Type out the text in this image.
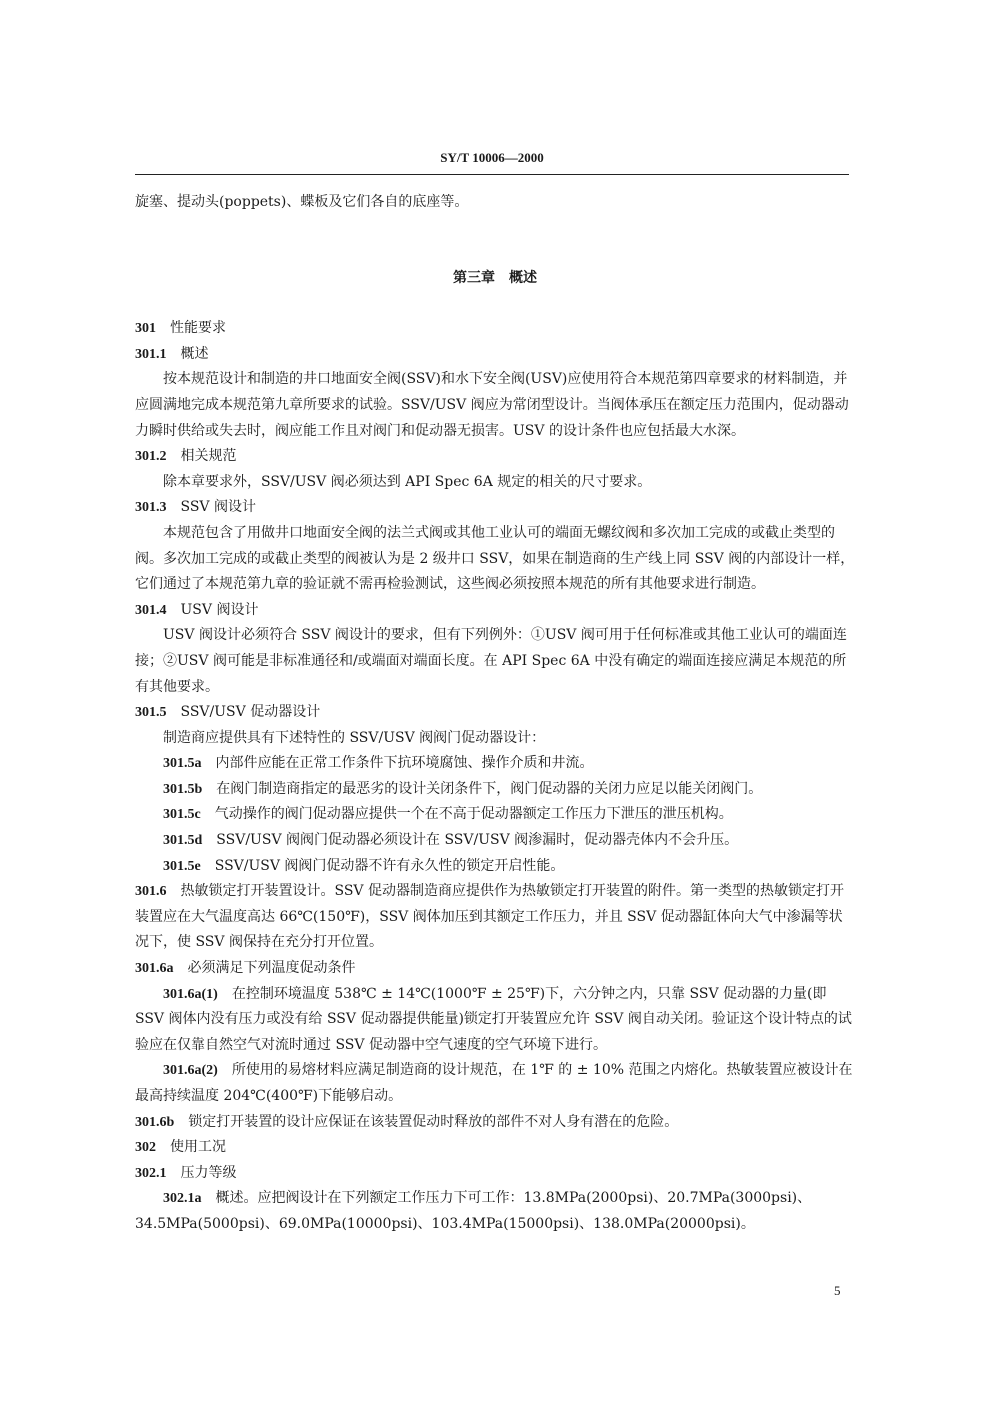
SY/T 10006—2000

旋塞、提动头(poppets)、蝶板及它们各自的底座等。

第三章　概述

301　 性能要求

301.1　 概述

按本规范设计和制造的井口地面安全阀(SSV)和水下安全阀(USV)应使用符合本规范第四章要求的材料制造，并应圆满地完成本规范第九章所要求的试验。SSV/USV 阀应为常闭型设计。当阀体承压在额定压力范围内，促动器动力瞬时供给或失去时，阀应能工作且对阀门和促动器无损害。USV 的设计条件也应包括最大水深。

301.2　 相关规范

除本章要求外，SSV/USV 阀必须达到 API Spec 6A 规定的相关的尺寸要求。

301.3　 SSV 阀设计

本规范包含了用做井口地面安全阀的法兰式阀或其他工业认可的端面无螺纹阀和多次加工完成的或截止类型的阀。多次加工完成的或截止类型的阀被认为是 2 级井口 SSV，如果在制造商的生产线上同 SSV 阀的内部设计一样，它们通过了本规范第九章的验证就不需再检验测试，这些阀必须按照本规范的所有其他要求进行制造。

301.4　 USV 阀设计

USV 阀设计必须符合 SSV 阀设计的要求，但有下列例外：①USV 阀可用于任何标准或其他工业认可的端面连接；②USV 阀可能是非标准通径和/或端面对端面长度。在 API Spec 6A 中没有确定的端面连接应满足本规范的所有其他要求。

301.5　 SSV/USV 促动器设计

制造商应提供具有下述特性的 SSV/USV 阀阀门促动器设计：

301.5a　 内部件应能在正常工作条件下抗环境腐蚀、操作介质和井流。

301.5b　 在阀门制造商指定的最恶劣的设计关闭条件下，阀门促动器的关闭力应足以能关闭阀门。

301.5c　 气动操作的阀门促动器应提供一个在不高于促动器额定工作压力下泄压的泄压机构。

301.5d　 SSV/USV 阀阀门促动器必须设计在 SSV/USV 阀渗漏时，促动器壳体内不会升压。

301.5e　 SSV/USV 阀阀门促动器不许有永久性的锁定开启性能。

301.6　 热敏锁定打开装置设计。SSV 促动器制造商应提供作为热敏锁定打开装置的附件。第一类型的热敏锁定打开装置应在大气温度高达 66℃(150℉)，SSV 阀体加压到其额定工作压力，并且 SSV 促动器缸体向大气中渗漏等状况下，使 SSV 阀保持在充分打开位置。

301.6a　 必须满足下列温度促动条件

301.6a(1)　 在控制环境温度 538℃ ± 14℃(1000℉ ± 25℉)下，六分钟之内，只靠 SSV 促动器的力量(即 SSV 阀体内没有压力或没有给 SSV 促动器提供能量)锁定打开装置应允许 SSV 阀自动关闭。验证这个设计特点的试验应在仅靠自然空气对流时通过 SSV 促动器中空气速度的空气环境下进行。

301.6a(2)　 所使用的易熔材料应满足制造商的设计规范，在 1℉ 的 ± 10% 范围之内熔化。热敏装置应被设计在最高持续温度 204℃(400℉)下能够启动。

301.6b　 锁定打开装置的设计应保证在该装置促动时释放的部件不对人身有潜在的危险。

302　 使用工况

302.1　 压力等级

302.1a　 概述。应把阀设计在下列额定工作压力下可工作：13.8MPa(2000psi)、20.7MPa(3000psi)、34.5MPa(5000psi)、69.0MPa(10000psi)、103.4MPa(15000psi)、138.0MPa(20000psi)。

5
